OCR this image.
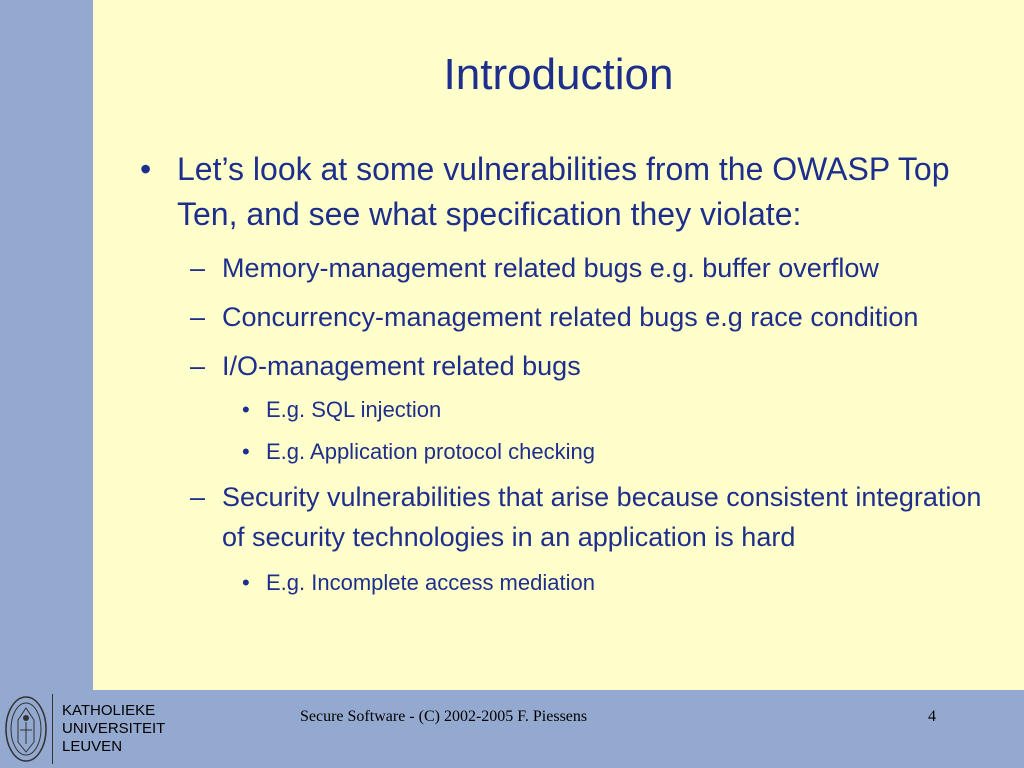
Introduction
• Let’s look at some vulnerabilities from the OWASP Top Ten, and see what specification they violate:
– Memory-management related bugs e.g. buffer overflow
– Concurrency-management related bugs e.g race condition
– I/O-management related bugs
• E.g. SQL injection
• E.g. Application protocol checking
– Security vulnerabilities that arise because consistent integration of security technologies in an application is hard
• E.g. Incomplete access mediation
KATHOLIEKE
UNIVERSITEIT
LEUVEN
Secure Software - (C) 2002-2005 F. Piessens	4
